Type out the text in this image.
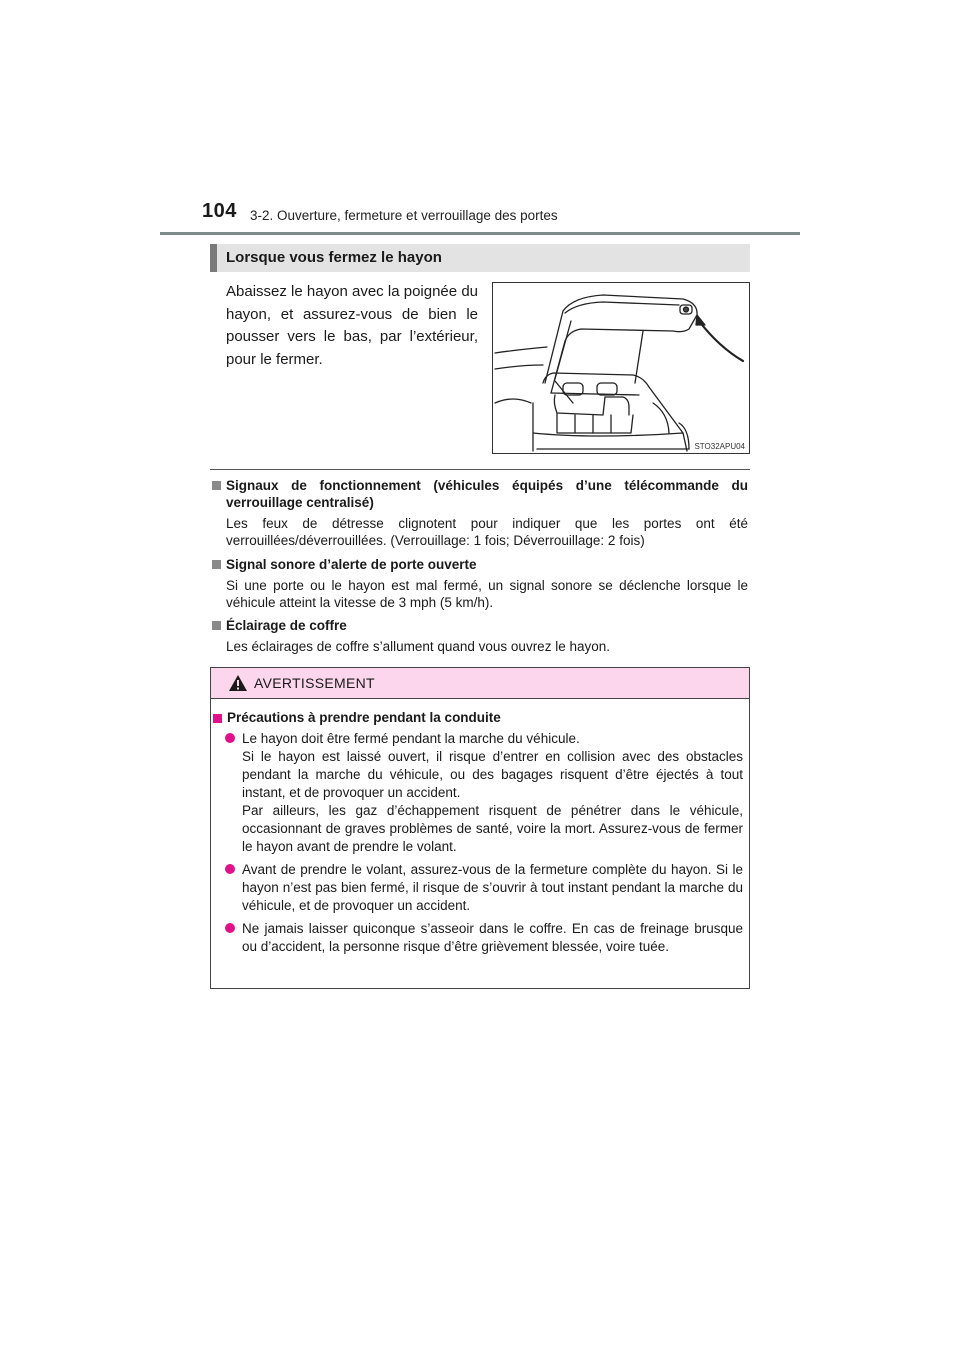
104 3-2. Ouverture, fermeture et verrouillage des portes
Lorsque vous fermez le hayon
Abaissez le hayon avec la poignée du hayon, et assurez-vous de bien le pousser vers le bas, par l’extérieur, pour le fermer.
STO32APU04
Signaux de fonctionnement (véhicules équipés d’une télécommande du verrouillage centralisé)
Les feux de détresse clignotent pour indiquer que les portes ont été verrouillées/déverrouillées. (Verrouillage: 1 fois; Déverrouillage: 2 fois)
Signal sonore d’alerte de porte ouverte
Si une porte ou le hayon est mal fermé, un signal sonore se déclenche lorsque le véhicule atteint la vitesse de 3 mph (5 km/h).
Éclairage de coffre
Les éclairages de coffre s’allument quand vous ouvrez le hayon.
AVERTISSEMENT
Précautions à prendre pendant la conduite

Le hayon doit être fermé pendant la marche du véhicule.

Si le hayon est laissé ouvert, il risque d’entrer en collision avec des obstacles pendant la marche du véhicule, ou des bagages risquent d’être éjectés à tout instant, et de provoquer un accident.

Par ailleurs, les gaz d’échappement risquent de pénétrer dans le véhicule, occasionnant de graves problèmes de santé, voire la mort. Assurez-vous de fermer le hayon avant de prendre le volant.

Avant de prendre le volant, assurez-vous de la fermeture complète du hayon. Si le hayon n’est pas bien fermé, il risque de s’ouvrir à tout instant pendant la marche du véhicule, et de provoquer un accident.

Ne jamais laisser quiconque s’asseoir dans le coffre. En cas de freinage brusque ou d’accident, la personne risque d’être grièvement blessée, voire tuée.
